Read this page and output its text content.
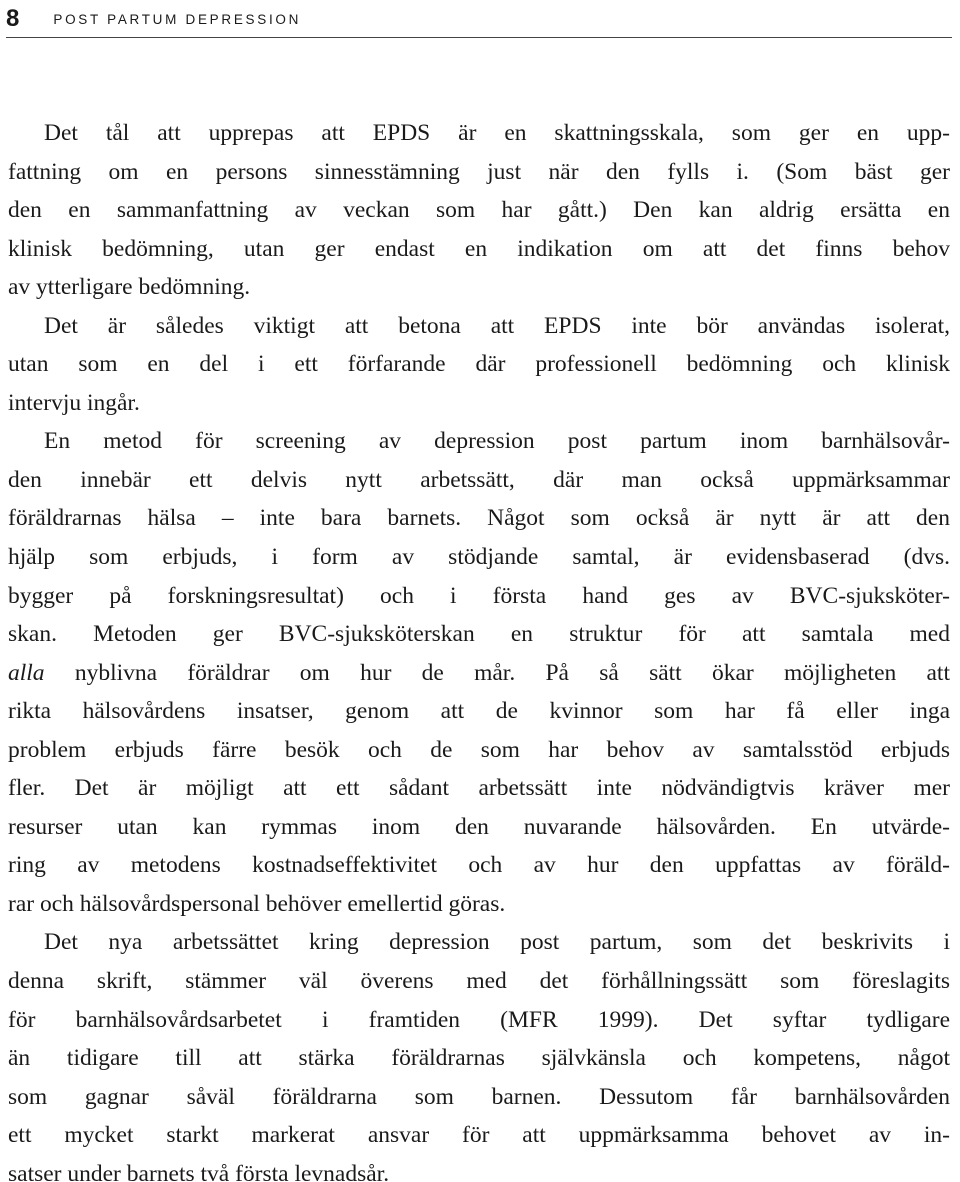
8	POST PARTUM DEPRESSION

Det tål att upprepas att EPDS är en skattningsskala, som ger en upp-
fattning om en persons sinnesstämning just när den fylls i. (Som bäst ger
den en sammanfattning av veckan som har gått.) Den kan aldrig ersätta en
klinisk bedömning, utan ger endast en indikation om att det finns behov
av ytterligare bedömning.

Det är således viktigt att betona att EPDS inte bör användas isolerat,
utan som en del i ett förfarande där professionell bedömning och klinisk
intervju ingår.

En metod för screening av depression post partum inom barnhälsovår-
den innebär ett delvis nytt arbetssätt, där man också uppmärksammar
föräldrarnas hälsa – inte bara barnets. Något som också är nytt är att den
hjälp som erbjuds, i form av stödjande samtal, är evidensbaserad (dvs.
bygger på forskningsresultat) och i första hand ges av BVC-sjuksköter-
skan. Metoden ger BVC-sjuksköterskan en struktur för att samtala med
alla nyblivna föräldrar om hur de mår. På så sätt ökar möjligheten att
rikta hälsovårdens insatser, genom att de kvinnor som har få eller inga
problem erbjuds färre besök och de som har behov av samtalsstöd erbjuds
fler. Det är möjligt att ett sådant arbetssätt inte nödvändigtvis kräver mer
resurser utan kan rymmas inom den nuvarande hälsovården. En utvärde-
ring av metodens kostnadseffektivitet och av hur den uppfattas av föräld-
rar och hälsovårdspersonal behöver emellertid göras.

Det nya arbetssättet kring depression post partum, som det beskrivits i
denna skrift, stämmer väl överens med det förhållningssätt som föreslagits
för barnhälsovårdsarbetet i framtiden (MFR 1999). Det syftar tydligare
än tidigare till att stärka föräldrarnas självkänsla och kompetens, något
som gagnar såväl föräldrarna som barnen. Dessutom får barnhälsovården
ett mycket starkt markerat ansvar för att uppmärksamma behovet av in-
satser under barnets två första levnadsår.
